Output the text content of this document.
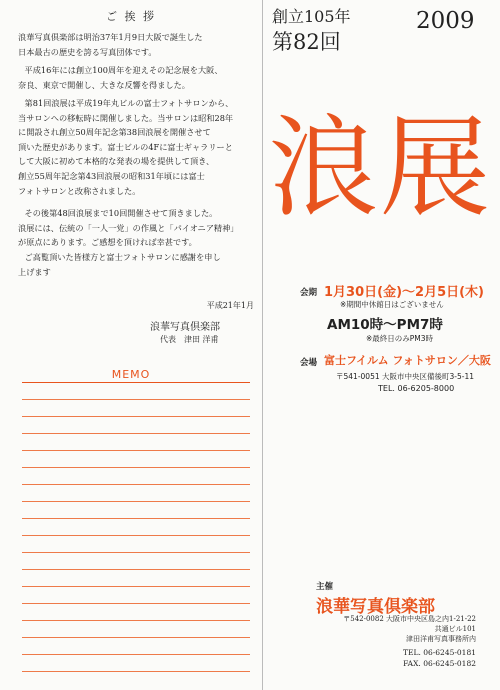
ご 挨 拶
浪華写真倶楽部は明治37年1月9日大阪で誕生した
日本最古の歴史を誇る写真団体です。
平成16年には創立100周年を迎えその記念展を大阪、
奈良、東京で開催し、大きな反響を得ました。
第81回浪展は平成19年丸ビルの富士フォトサロンから、
当サロンへの移転時に開催しました。当サロンは昭和28年
に開設され創立50周年記念第38回浪展を開催させて
頂いた歴史があります。富士ビルの4Fに富士ギャラリーと
して大阪に初めて本格的な発表の場を提供して頂き、
創立55周年記念第43回浪展の昭和31年頃には富士
フォトサロンと改称されました。
その後第48回浪展まで10回開催させて頂きました。
浪展には、伝統の「一人一党」の作風と「パイオニア精神」
が原点にあります。ご感想を頂ければ幸甚です。
ご高覧頂いた皆様方と富士フォトサロンに感謝を申し
上げます
平成21年1月
浪華写真倶楽部
代表　津田 洋甫
MEMO
創立105年
第82回
2009
浪展
会期 1月30日(金)〜2月5日(木)
※期間中休館日はございません
AM10時〜PM7時
※最終日のみPM3時
会場 富士フイルム フォトサロン／大阪
〒541-0051 大阪市中央区備後町3-5-11
TEL. 06-6205-8000
主催
浪華写真倶楽部
〒542-0082 大阪市中央区島之内1-21-22
共通ビル101
津田洋甫写真事務所内
TEL. 06-6245-0181
FAX. 06-6245-0182
